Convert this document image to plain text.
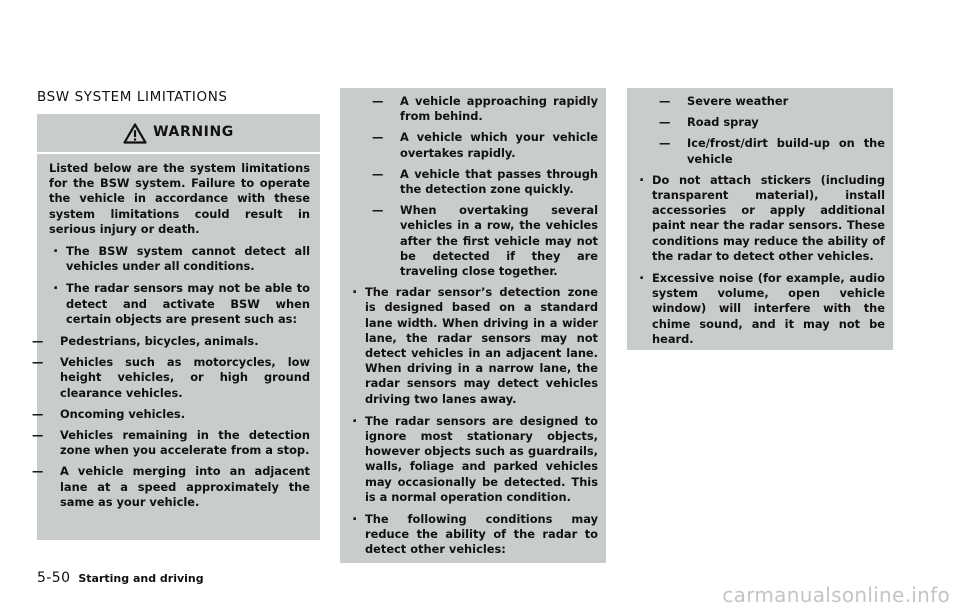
BSW SYSTEM LIMITATIONS
WARNING

Listed below are the system limitations for the BSW system. Failure to operate the vehicle in accordance with these system limitations could result in serious injury or death.

. The BSW system cannot detect all vehicles under all conditions.
. The radar sensors may not be able to detect and activate BSW when certain objects are present such as:
— Pedestrians, bicycles, animals.
— Vehicles such as motorcycles, low height vehicles, or high ground clearance vehicles.
— Oncoming vehicles.
— Vehicles remaining in the detection zone when you accelerate from a stop.
— A vehicle merging into an adjacent lane at a speed approximately the same as your vehicle.
— A vehicle approaching rapidly from behind.
— A vehicle which your vehicle overtakes rapidly.
— A vehicle that passes through the detection zone quickly.
— When overtaking several vehicles in a row, the vehicles after the first vehicle may not be detected if they are traveling close together.
. The radar sensor’s detection zone is designed based on a standard lane width. When driving in a wider lane, the radar sensors may not detect vehicles in an adjacent lane. When driving in a narrow lane, the radar sensors may detect vehicles driving two lanes away.
. The radar sensors are designed to ignore most stationary objects, however objects such as guardrails, walls, foliage and parked vehicles may occasionally be detected. This is a normal operation condition.
. The following conditions may reduce the ability of the radar to detect other vehicles:
— Severe weather
— Road spray
— Ice/frost/dirt build-up on the vehicle
. Do not attach stickers (including transparent material), install accessories or apply additional paint near the radar sensors. These conditions may reduce the ability of the radar to detect other vehicles.
. Excessive noise (for example, audio system volume, open vehicle window) will interfere with the chime sound, and it may not be heard.
5-50 Starting and driving
carmanualsonline.info
